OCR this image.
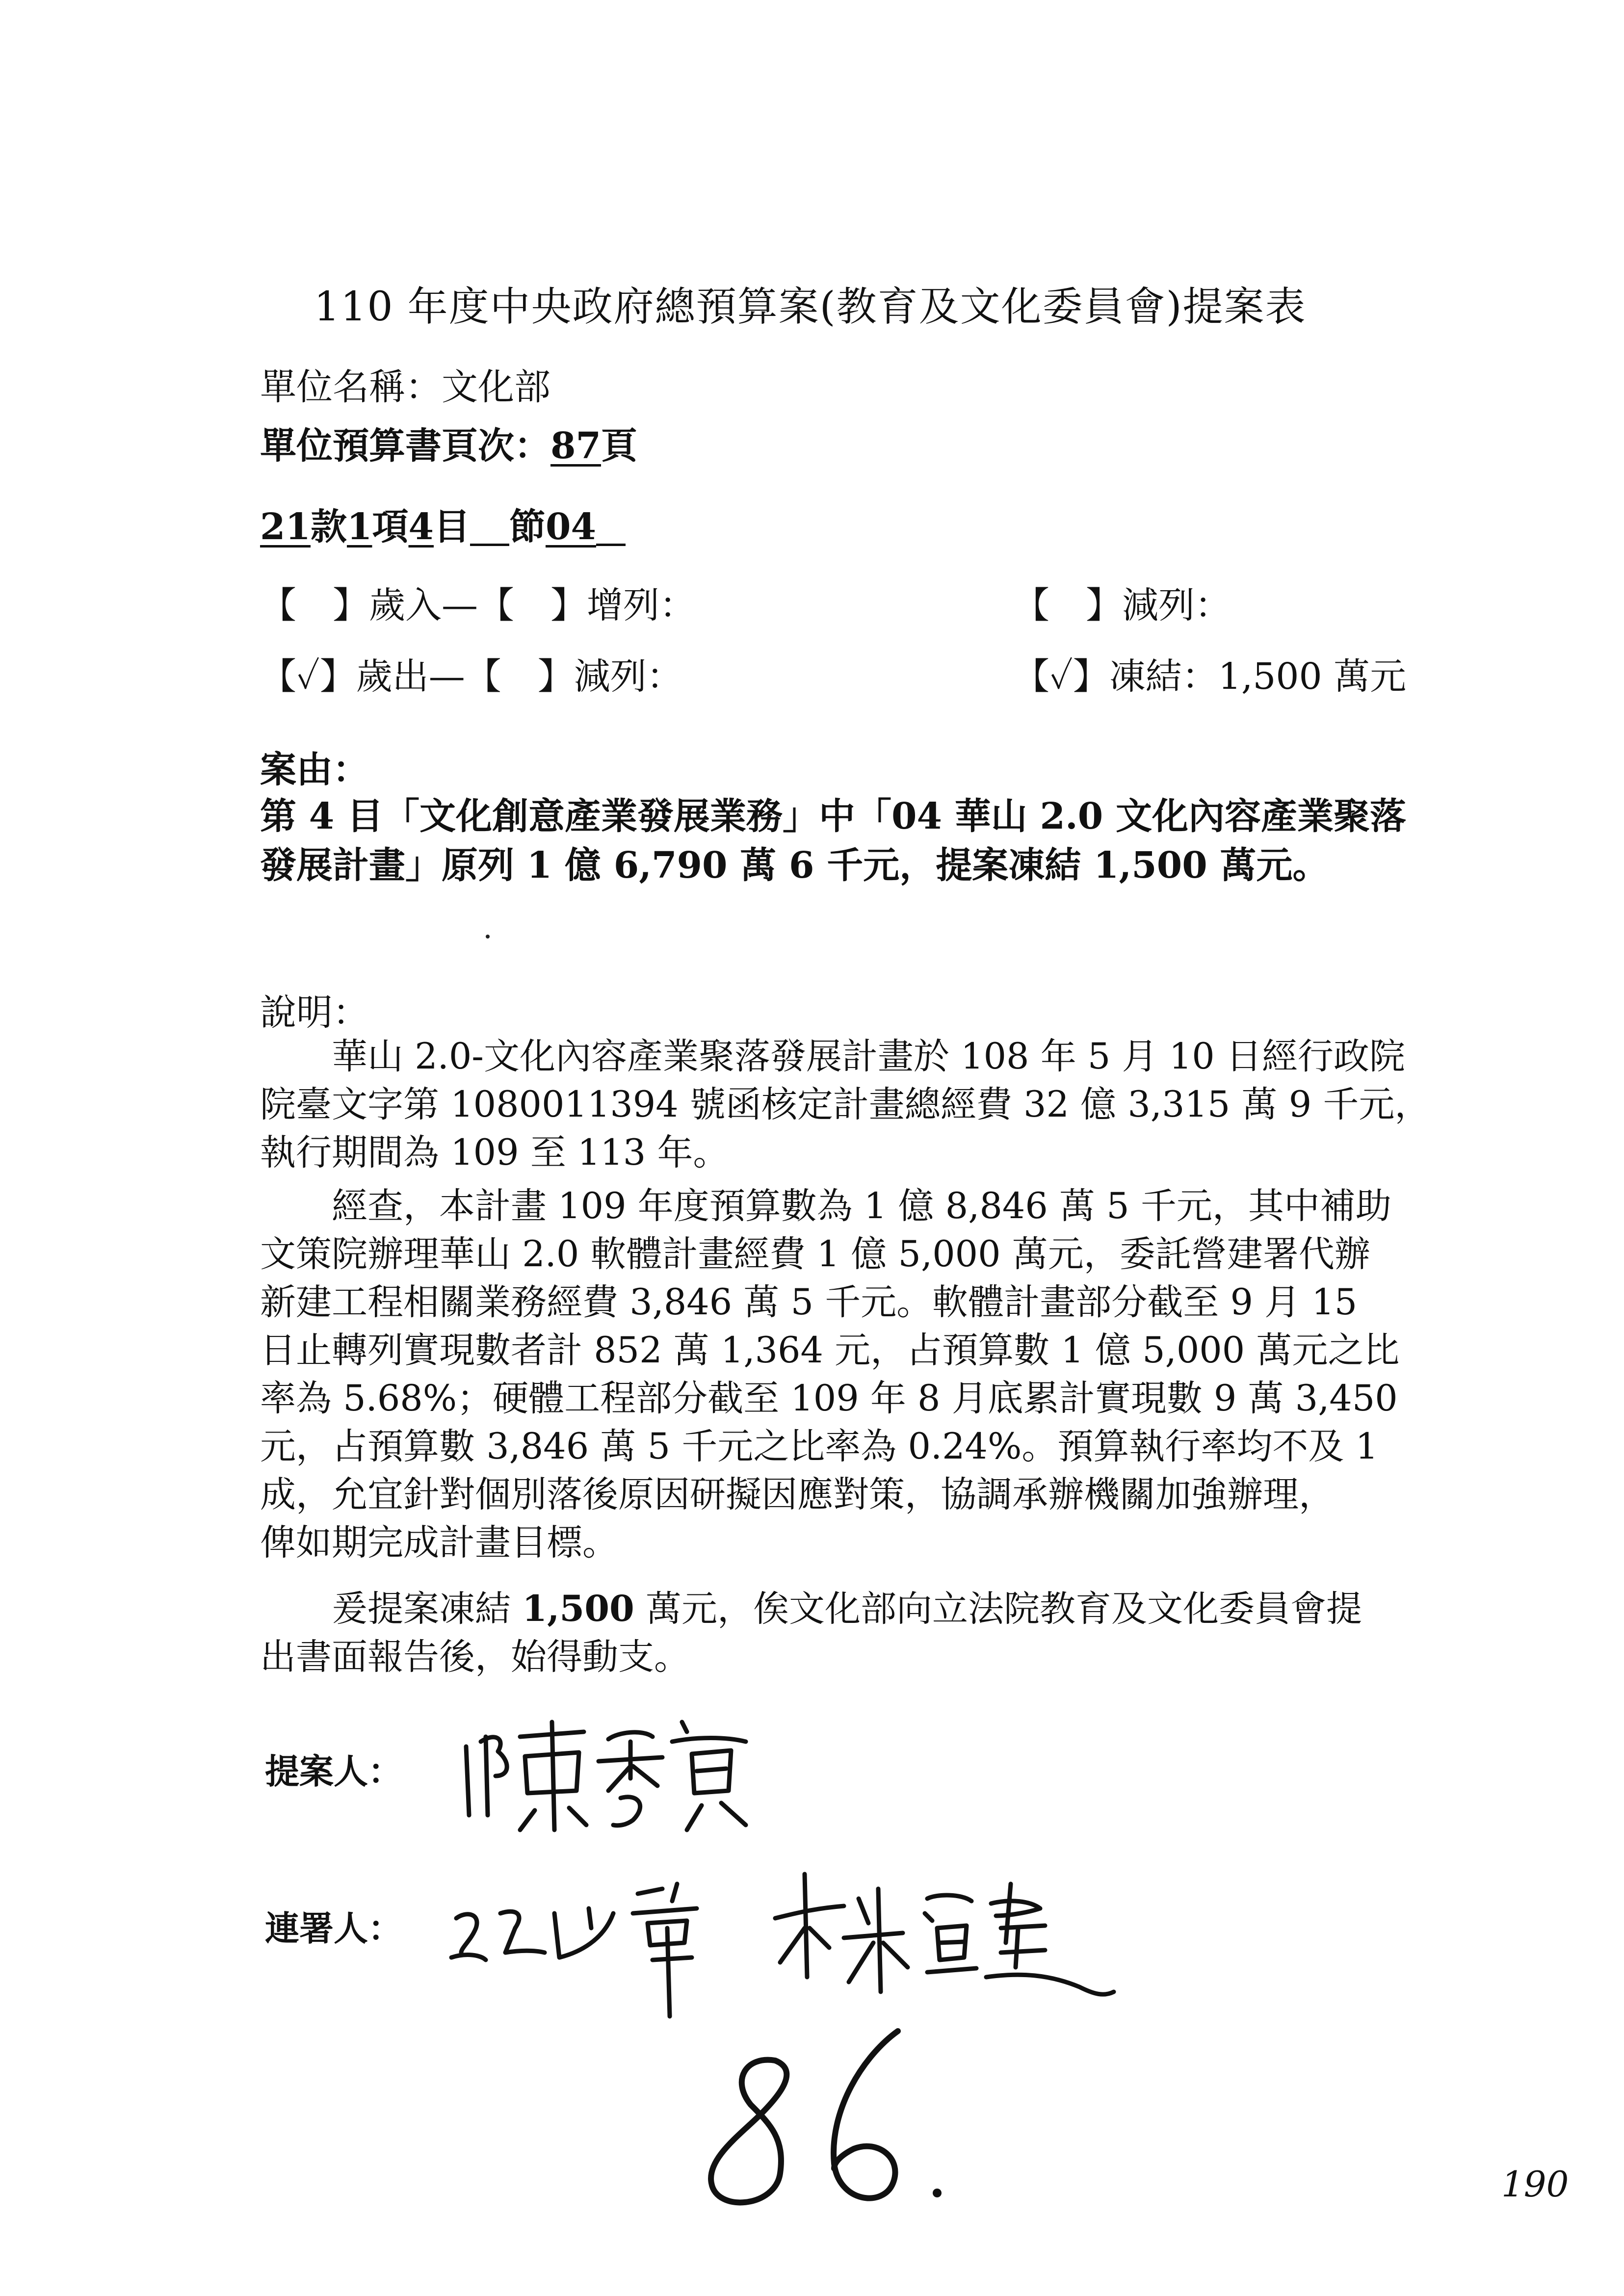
110 年度中央政府總預算案(教育及文化委員會)提案表
單位名稱：文化部
單位預算書頁次：87頁
21款1項4目 節04
【　】歲入—【　】增列：	【　】減列：
【✓】歲出—【　】減列：	【✓】凍結：1,500 萬元
案由：
第 4 目「文化創意產業發展業務」中「04 華山 2.0 文化內容產業聚落
發展計畫」原列 1 億 6,790 萬 6 千元，提案凍結 1,500 萬元。
說明：
　　華山 2.0-文化內容產業聚落發展計畫於 108 年 5 月 10 日經行政院
院臺文字第 1080011394 號函核定計畫總經費 32 億 3,315 萬 9 千元，
執行期間為 109 至 113 年。
　　經查，本計畫 109 年度預算數為 1 億 8,846 萬 5 千元，其中補助
文策院辦理華山 2.0 軟體計畫經費 1 億 5,000 萬元，委託營建署代辦
新建工程相關業務經費 3,846 萬 5 千元。軟體計畫部分截至 9 月 15
日止轉列實現數者計 852 萬 1,364 元，占預算數 1 億 5,000 萬元之比
率為 5.68%；硬體工程部分截至 109 年 8 月底累計實現數 9 萬 3,450
元，占預算數 3,846 萬 5 千元之比率為 0.24%。預算執行率均不及 1
成，允宜針對個別落後原因研擬因應對策，協調承辦機關加強辦理，
俾如期完成計畫目標。
　　爰提案凍結 1,500 萬元，俟文化部向立法院教育及文化委員會提
出書面報告後，始得動支。
提案人：
連署人：
190
